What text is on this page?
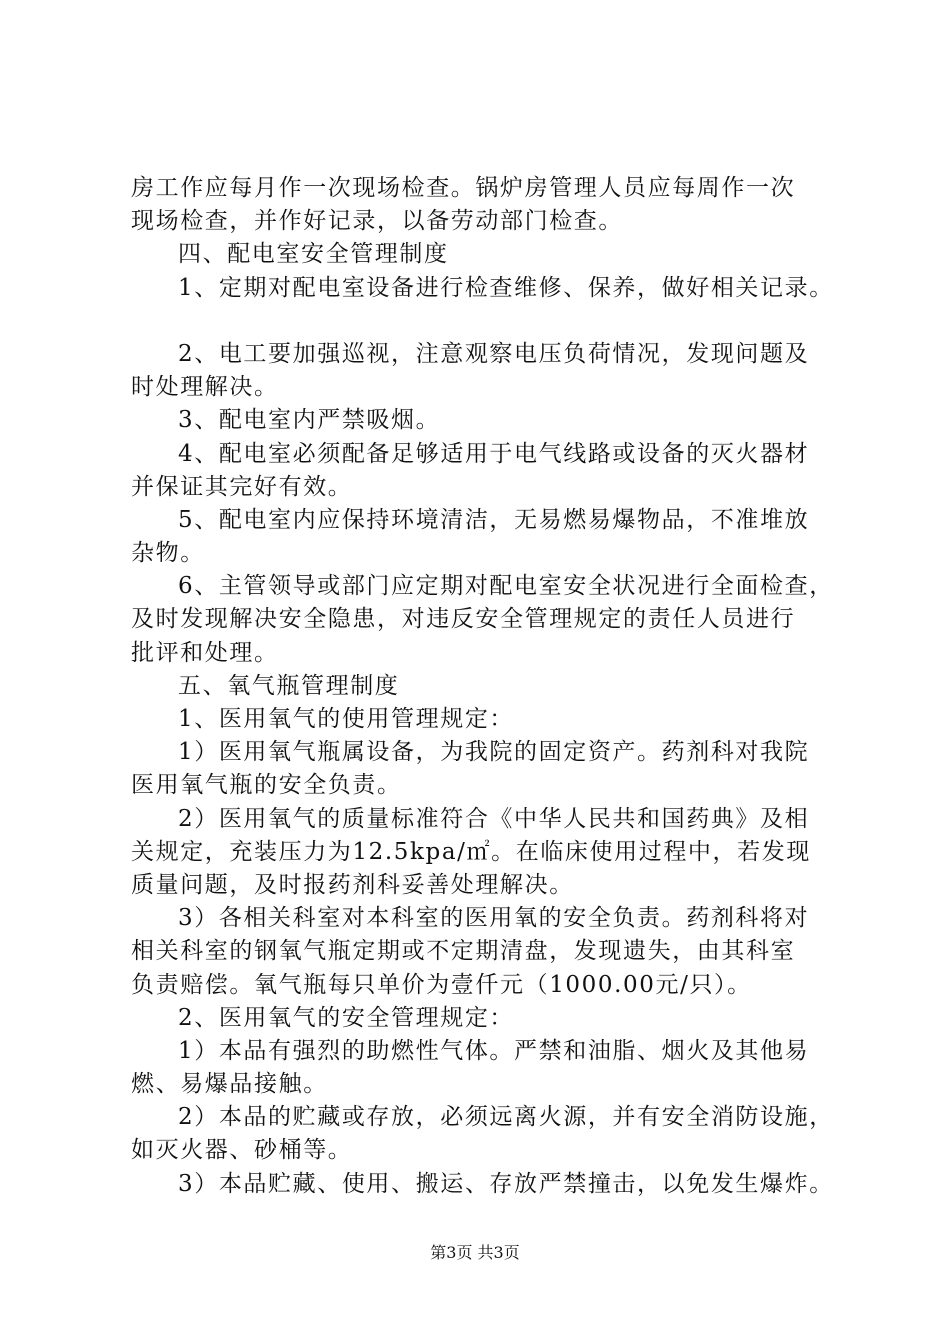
房工作应每月作一次现场检查。锅炉房管理人员应每周作一次
现场检查，并作好记录，以备劳动部门检查。
四、配电室安全管理制度
1、定期对配电室设备进行检查维修、保养，做好相关记录。
2、电工要加强巡视，注意观察电压负荷情况，发现问题及
时处理解决。
3、配电室内严禁吸烟。
4、配电室必须配备足够适用于电气线路或设备的灭火器材
并保证其完好有效。
5、配电室内应保持环境清洁，无易燃易爆物品，不准堆放
杂物。
6、主管领导或部门应定期对配电室安全状况进行全面检查，
及时发现解决安全隐患，对违反安全管理规定的责任人员进行
批评和处理。
五、氧气瓶管理制度
1、医用氧气的使用管理规定：
1）医用氧气瓶属设备，为我院的固定资产。药剂科对我院
医用氧气瓶的安全负责。
2）医用氧气的质量标准符合《中华人民共和国药典》及相
关规定，充装压力为12.5kpa/㎡。在临床使用过程中，若发现
质量问题，及时报药剂科妥善处理解决。
3）各相关科室对本科室的医用氧的安全负责。药剂科将对
相关科室的钢氧气瓶定期或不定期清盘，发现遗失，由其科室
负责赔偿。氧气瓶每只单价为壹仟元（1000.00元/只）。
2、医用氧气的安全管理规定：
1）本品有强烈的助燃性气体。严禁和油脂、烟火及其他易
燃、易爆品接触。
2）本品的贮藏或存放，必须远离火源，并有安全消防设施，
如灭火器、砂桶等。
3）本品贮藏、使用、搬运、存放严禁撞击，以免发生爆炸。
第3页 共3页
